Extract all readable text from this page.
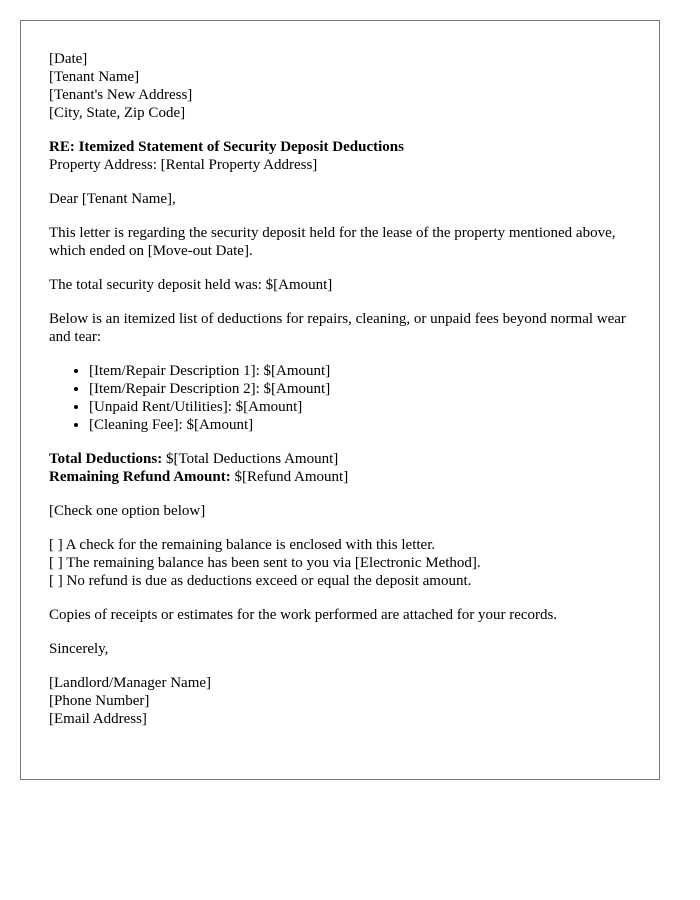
[Date]
[Tenant Name]
[Tenant's New Address]
[City, State, Zip Code]
RE: Itemized Statement of Security Deposit Deductions
Property Address: [Rental Property Address]

Dear [Tenant Name],

This letter is regarding the security deposit held for the lease of the property mentioned above, which ended on [Move-out Date].

The total security deposit held was: $[Amount]

Below is an itemized list of deductions for repairs, cleaning, or unpaid fees beyond normal wear and tear:

• [Item/Repair Description 1]: $[Amount]
• [Item/Repair Description 2]: $[Amount]
• [Unpaid Rent/Utilities]: $[Amount]
• [Cleaning Fee]: $[Amount]
Total Deductions: $[Total Deductions Amount]
Remaining Refund Amount: $[Refund Amount]

[Check one option below]

[ ] A check for the remaining balance is enclosed with this letter.
[ ] The remaining balance has been sent to you via [Electronic Method].
[ ] No refund is due as deductions exceed or equal the deposit amount.

Copies of receipts or estimates for the work performed are attached for your records.

Sincerely,

[Landlord/Manager Name]
[Phone Number]
[Email Address]
